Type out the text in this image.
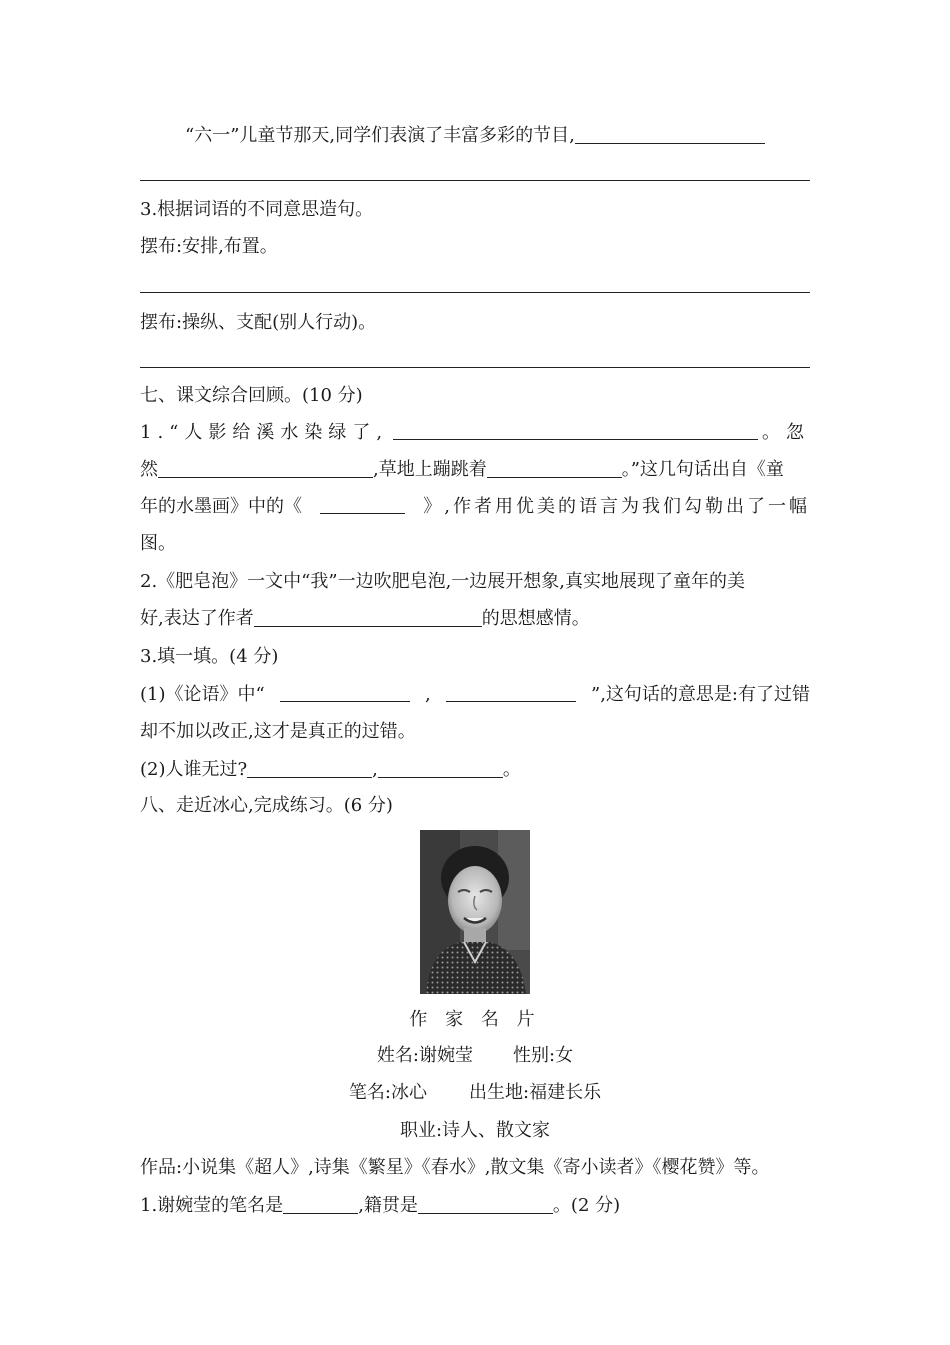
“六一”儿童节那天,同学们表演了丰富多彩的节目,
3.根据词语的不同意思造句。
摆布:安排,布置。
摆布:操纵、支配(别人行动)。
七、课文综合回顾。(10 分)
1.“人影给溪水染绿了,	。忽
然	,草地上蹦跳着	。”这几句话出自《童
年的水墨画》中的《	》,作者用优美的语言为我们勾勒出了一幅
图。
2.《肥皂泡》一文中“我”一边吹肥皂泡,一边展开想象,真实地展现了童年的美
好,表达了作者	的思想感情。
3.填一填。(4 分)
(1)《论语》中“	,	”,这句话的意思是:有了过错
却不加以改正,这才是真正的过错。
(2)人谁无过?	,	。
八、走近冰心,完成练习。(6 分)
作 家 名 片
姓名:谢婉莹 性别:女
笔名:冰心 出生地:福建长乐
职业:诗人、散文家
作品:小说集《超人》,诗集《繁星》《春水》,散文集《寄小读者》《樱花赞》等。
1.谢婉莹的笔名是	,籍贯是	。(2 分)
